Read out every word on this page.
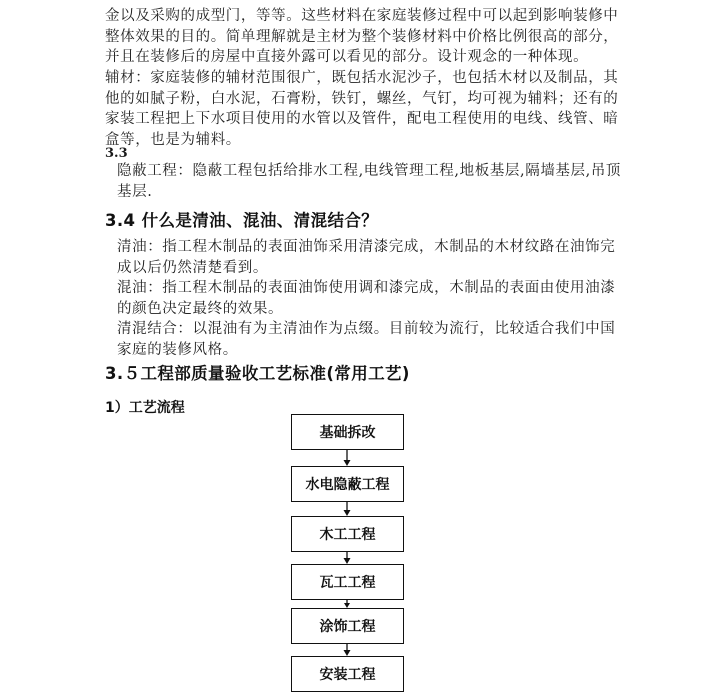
金以及采购的成型门，等等。这些材料在家庭装修过程中可以起到影响装修中
整体效果的目的。简单理解就是主材为整个装修材料中价格比例很高的部分，
并且在装修后的房屋中直接外露可以看见的部分。设计观念的一种体现。
辅材：家庭装修的辅材范围很广，既包括水泥沙子，也包括木材以及制品，其
他的如腻子粉，白水泥，石膏粉，铁钉，螺丝，气钉，均可视为辅料；还有的
家装工程把上下水项目使用的水管以及管件，配电工程使用的电线、线管、暗
盒等，也是为辅料。
3.3
隐蔽工程：隐蔽工程包括给排水工程,电线管理工程,地板基层,隔墙基层,吊顶
基层.
3.4 什么是清油、混油、清混结合？
清油：指工程木制品的表面油饰采用清漆完成，木制品的木材纹路在油饰完
成以后仍然清楚看到。
混油：指工程木制品的表面油饰使用调和漆完成，木制品的表面由使用油漆
的颜色决定最终的效果。
清混结合：以混油有为主清油作为点缀。目前较为流行，比较适合我们中国
家庭的装修风格。
3.５工程部质量验收工艺标准(常用工艺)
1）工艺流程
基础拆改
水电隐蔽工程
木工工程
瓦工工程
涂饰工程
安装工程
